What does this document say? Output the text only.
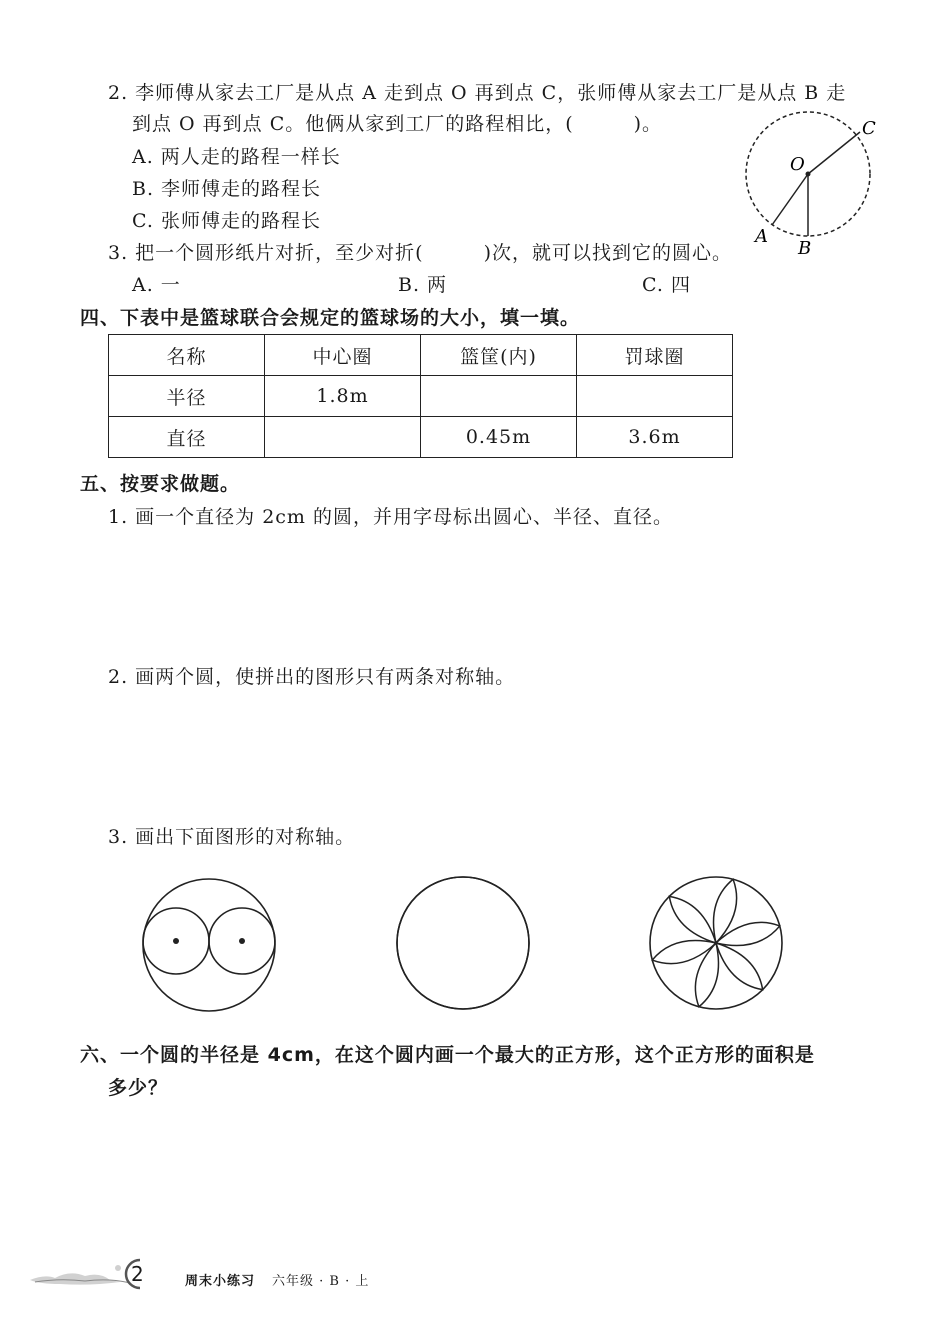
2. 李师傅从家去工厂是从点 A 走到点 O 再到点 C，张师傅从家去工厂是从点 B 走
到点 O 再到点 C。他俩从家到工厂的路程相比，(　　　)。
A. 两人走的路程一样长
B. 李师傅走的路程长
C. 张师傅走的路程长
O
C
A
B
3. 把一个圆形纸片对折，至少对折(　　　)次，就可以找到它的圆心。
A. 一	B. 两	C. 四
四、下表中是篮球联合会规定的篮球场的大小，填一填。
名称	中心圈	篮筐(内)	罚球圈
半径	1.8m		
直径		0.45m	3.6m
五、按要求做题。
1. 画一个直径为 2cm 的圆，并用字母标出圆心、半径、直径。
2. 画两个圆，使拼出的图形只有两条对称轴。
3. 画出下面图形的对称轴。
六、一个圆的半径是 4cm，在这个圆内画一个最大的正方形，这个正方形的面积是
多少？
2	周末小练习 六年级 · B · 上
